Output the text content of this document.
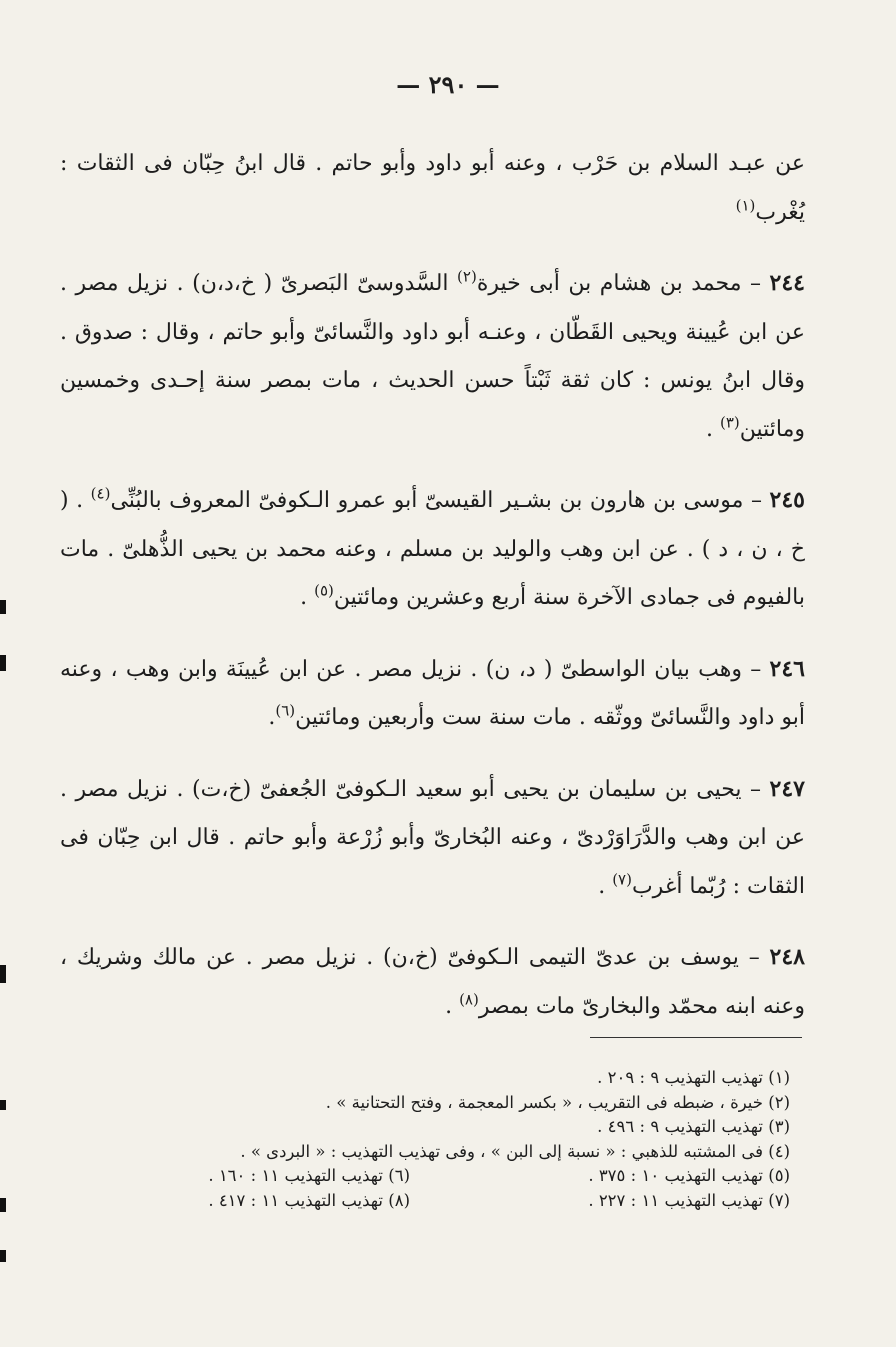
— ٢٩٠ —

عن عبـد السلام بن حَرْب ، وعنه أبو داود وأبو حاتم . قال ابنُ حِبّان فى الثقات : يُغْرب$^{(١)}$

٢٤٤ – محمد بن هشام بن أبى خيرة$^{(٢)}$ السَّدوسىّ البَصرىّ ( خ،د،ن) . نزيل مصر . عن ابن عُيينة ويحيى القَطّان ، وعنـه أبو داود والنَّسائىّ وأبو حاتم ، وقال : صدوق . وقال ابنُ يونس : كان ثقة ثَبْتاً حسن الحديث ، مات بمصر سنة إحـدى وخمسين ومائتين$^{(٣)}$ .

٢٤٥ – موسى بن هارون بن بشـير القيسىّ أبو عمرو الـكوفىّ المعروف بالبُنِّى$^{(٤)}$ . ( خ ، ن ، د ) . عن ابن وهب والوليد بن مسلم ، وعنه محمد بن يحيى الذُّهلىّ . مات بالفيوم فى جمادى الآخرة سنة أربع وعشرين ومائتين$^{(٥)}$ .

٢٤٦ – وهب بيان الواسطىّ ( د، ن) . نزيل مصر . عن ابن عُيينَة وابن وهب ، وعنه أبو داود والنَّسائىّ ووثّقه . مات سنة ست وأربعين ومائتين$^{(٦)}$.

٢٤٧ – يحيى بن سليمان بن يحيى أبو سعيد الـكوفىّ الجُعفىّ (خ،ت) . نزيل مصر . عن ابن وهب والدَّرَاوَرْدىّ ، وعنه البُخارىّ وأبو زُرْعة وأبو حاتم . قال ابن حِبّان فى الثقات : رُبّما أغرب$^{(٧)}$ .

٢٤٨ – يوسف بن عدىّ التيمى الـكوفىّ (خ،ن) . نزيل مصر . عن مالك وشريك ، وعنه ابنه محمّد والبخارىّ مات بمصر$^{(٨)}$ .

(١) تهذيب التهذيب ٩ : ٢٠٩ .
(٢) خيرة ، ضبطه فى التقريب ، « بكسر المعجمة ، وفتح التحتانية » .
(٣) تهذيب التهذيب ٩ : ٤٩٦ .
(٤) فى المشتبه للذهبي : « نسبة إلى البن » ، وفى تهذيب التهذيب : « البردى » .
(٥) تهذيب التهذيب ١٠ : ٣٧٥ .
(٦) تهذيب التهذيب ١١ : ١٦٠ .
(٧) تهذيب التهذيب ١١ : ٢٢٧ .
(٨) تهذيب التهذيب ١١ : ٤١٧ .
